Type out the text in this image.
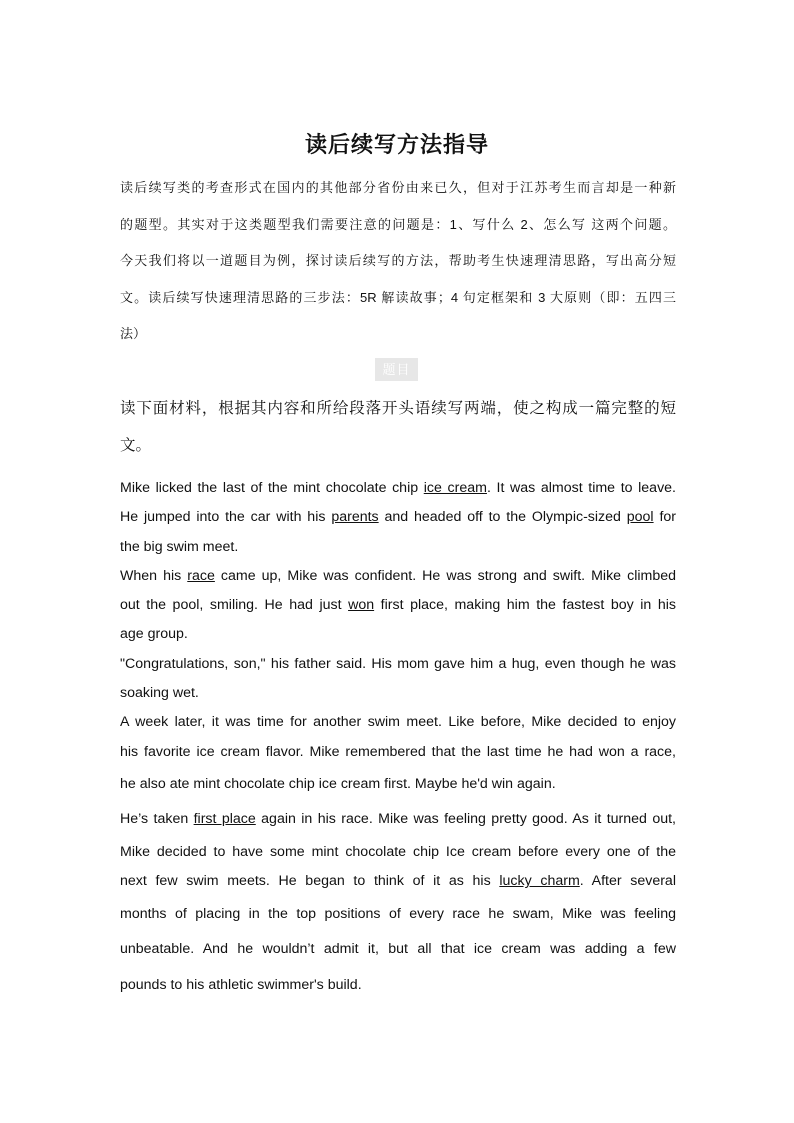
读后续写方法指导
读后续写类的考查形式在国内的其他部分省份由来已久，但对于江苏考生而言却是一种新
的题型。其实对于这类题型我们需要注意的问题是：1、写什么 2、怎么写 这两个问题。
今天我们将以一道题目为例，探讨读后续写的方法，帮助考生快速理清思路，写出高分短
文。读后续写快速理清思路的三步法：5R 解读故事；4 句定框架和 3 大原则（即：五四三
法）
题目
读下面材料，根据其内容和所给段落开头语续写两端，使之构成一篇完整的短
文。
Mike licked the last of the mint chocolate chip ice cream. It was almost time to leave.
He jumped into the car with his parents and headed off to the Olympic-sized pool for
the big swim meet.
When his race came up, Mike was confident. He was strong and swift. Mike climbed
out the pool, smiling. He had just won first place, making him the fastest boy in his
age group.
"Congratulations, son," his father said. His mom gave him a hug, even though he was
soaking wet.
A week later, it was time for another swim meet. Like before, Mike decided to enjoy
his favorite ice cream flavor. Mike remembered that the last time he had won a race,
he also ate mint chocolate chip ice cream first. Maybe he'd win again.
He’s taken first place again in his race. Mike was feeling pretty good. As it turned out,
Mike decided to have some mint chocolate chip Ice cream before every one of the
next few swim meets. He began to think of it as his lucky charm. After several
months of placing in the top positions of every race he swam, Mike was feeling
unbeatable. And he wouldn’t admit it, but all that ice cream was adding a few
pounds to his athletic swimmer's build.
